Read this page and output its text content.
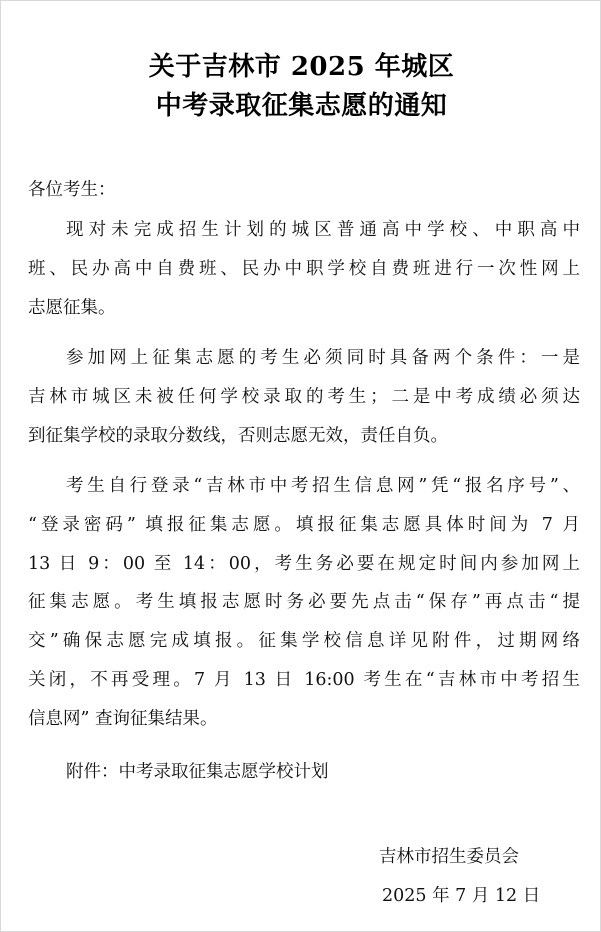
关于吉林市 2025 年城区
中考录取征集志愿的通知
各位考生：
现对未完成招生计划的城区普通高中学校、中职高中
班、民办高中自费班、民办中职学校自费班进行一次性网上
志愿征集。
参加网上征集志愿的考生必须同时具备两个条件：一是
吉林市城区未被任何学校录取的考生；二是中考成绩必须达
到征集学校的录取分数线，否则志愿无效，责任自负。
考生自行登录“吉林市中考招生信息网”凭“报名序号”、
“登录密码” 填报征集志愿。填报征集志愿具体时间为 7 月
13 日 9：00 至 14：00，考生务必要在规定时间内参加网上
征集志愿。考生填报志愿时务必要先点击“保存”再点击“提
交”确保志愿完成填报。征集学校信息详见附件，过期网络
关闭，不再受理。7 月 13 日 16:00 考生在“吉林市中考招生
信息网” 查询征集结果。
附件：中考录取征集志愿学校计划
吉林市招生委员会
2025 年 7 月 12 日
